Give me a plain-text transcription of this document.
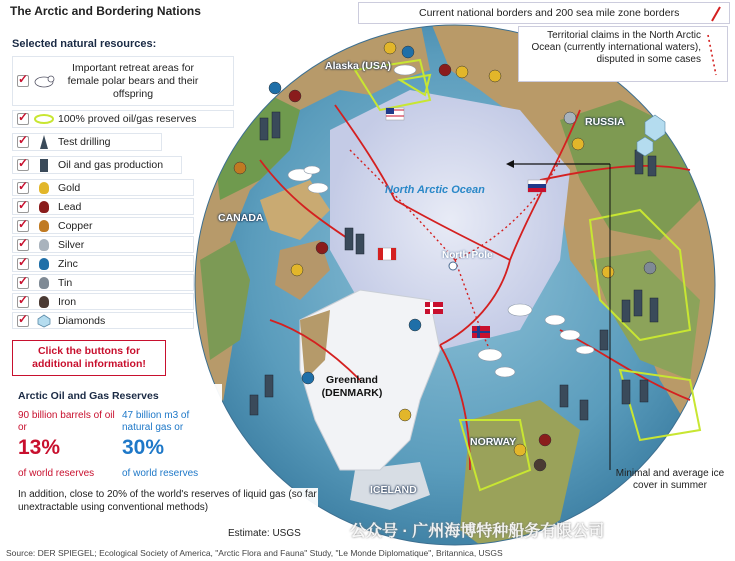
The Arctic and Bordering Nations
Selected natural resources:
✓
Important retreat areas for female polar bears and their offspring
✓
100% proved oil/gas reserves
✓
Test drilling
✓
Oil and gas production
✓
Gold
✓
Lead
✓
Copper
✓
Silver
✓
Zinc
✓
Tin
✓
Iron
✓
Diamonds
Click the buttons for additional information!
Arctic Oil and Gas Reserves
90 billion barrels of oil or
47 billion m3 of natural gas or
13%	30%
of world reserves	of world reserves
In addition, close to 20% of the world's reserves of liquid gas (so far unextractable using conventional methods)
Estimate: USGS
Source: DER SPIEGEL; Ecological Society of America, "Arctic Flora and Fauna" Study, "Le Monde Diplomatique", Britannica, USGS
Current national borders and 200 sea mile zone borders
Territorial claims in the North Arctic Ocean (currently international waters), disputed in some cases
Alaska (USA)
RUSSIA
CANADA
North Arctic Ocean
North Pole
Greenland (DENMARK)
NORWAY
ICELAND
Minimal and average ice cover in summer
公众号 · 广州海博特种船务有限公司
